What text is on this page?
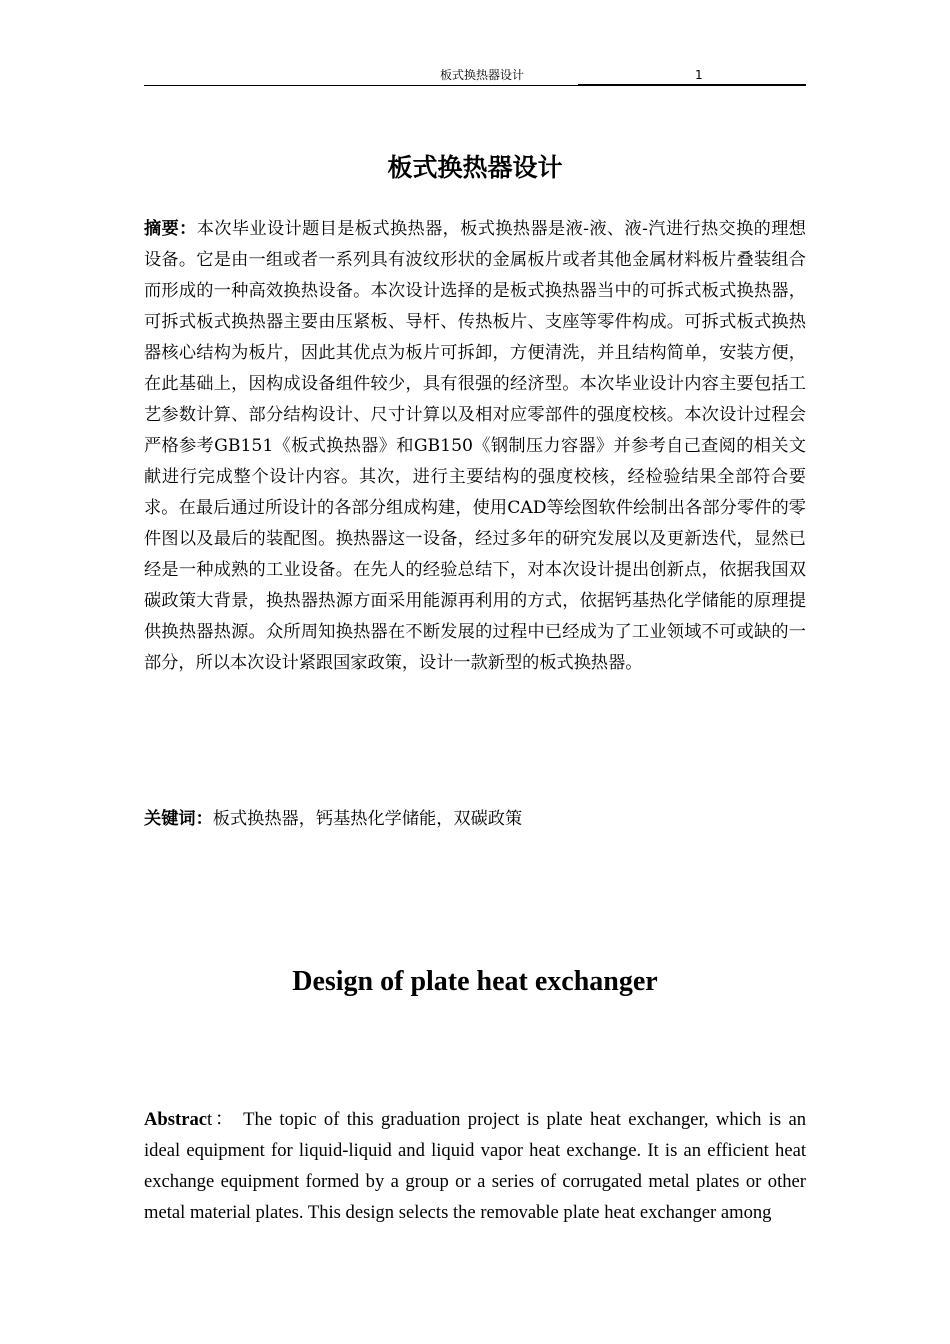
板式换热器设计	1
板式换热器设计

摘要：本次毕业设计题目是板式换热器，板式换热器是液-液、液-汽进行热交换的理想设备。它是由一组或者一系列具有波纹形状的金属板片或者其他金属材料板片叠装组合而形成的一种高效换热设备。本次设计选择的是板式换热器当中的可拆式板式换热器，可拆式板式换热器主要由压紧板、导杆、传热板片、支座等零件构成。可拆式板式换热器核心结构为板片，因此其优点为板片可拆卸，方便清洗，并且结构简单，安装方便，在此基础上，因构成设备组件较少，具有很强的经济型。本次毕业设计内容主要包括工艺参数计算、部分结构设计、尺寸计算以及相对应零部件的强度校核。本次设计过程会严格参考GB151《板式换热器》和GB150《钢制压力容器》并参考自己查阅的相关文献进行完成整个设计内容。其次，进行主要结构的强度校核，经检验结果全部符合要求。在最后通过所设计的各部分组成构建，使用CAD等绘图软件绘制出各部分零件的零件图以及最后的装配图。换热器这一设备，经过多年的研究发展以及更新迭代，显然已经是一种成熟的工业设备。在先人的经验总结下，对本次设计提出创新点，依据我国双碳政策大背景，换热器热源方面采用能源再利用的方式，依据钙基热化学储能的原理提供换热器热源。众所周知换热器在不断发展的过程中已经成为了工业领域不可或缺的一部分，所以本次设计紧跟国家政策，设计一款新型的板式换热器。

关键词：板式换热器，钙基热化学储能，双碳政策

Design of plate heat exchanger

Abstract： The topic of this graduation project is plate heat exchanger, which is an ideal equipment for liquid-liquid and liquid vapor heat exchange. It is an efficient heat exchange equipment formed by a group or a series of corrugated metal plates or other metal material plates. This design selects the removable plate heat exchanger among
